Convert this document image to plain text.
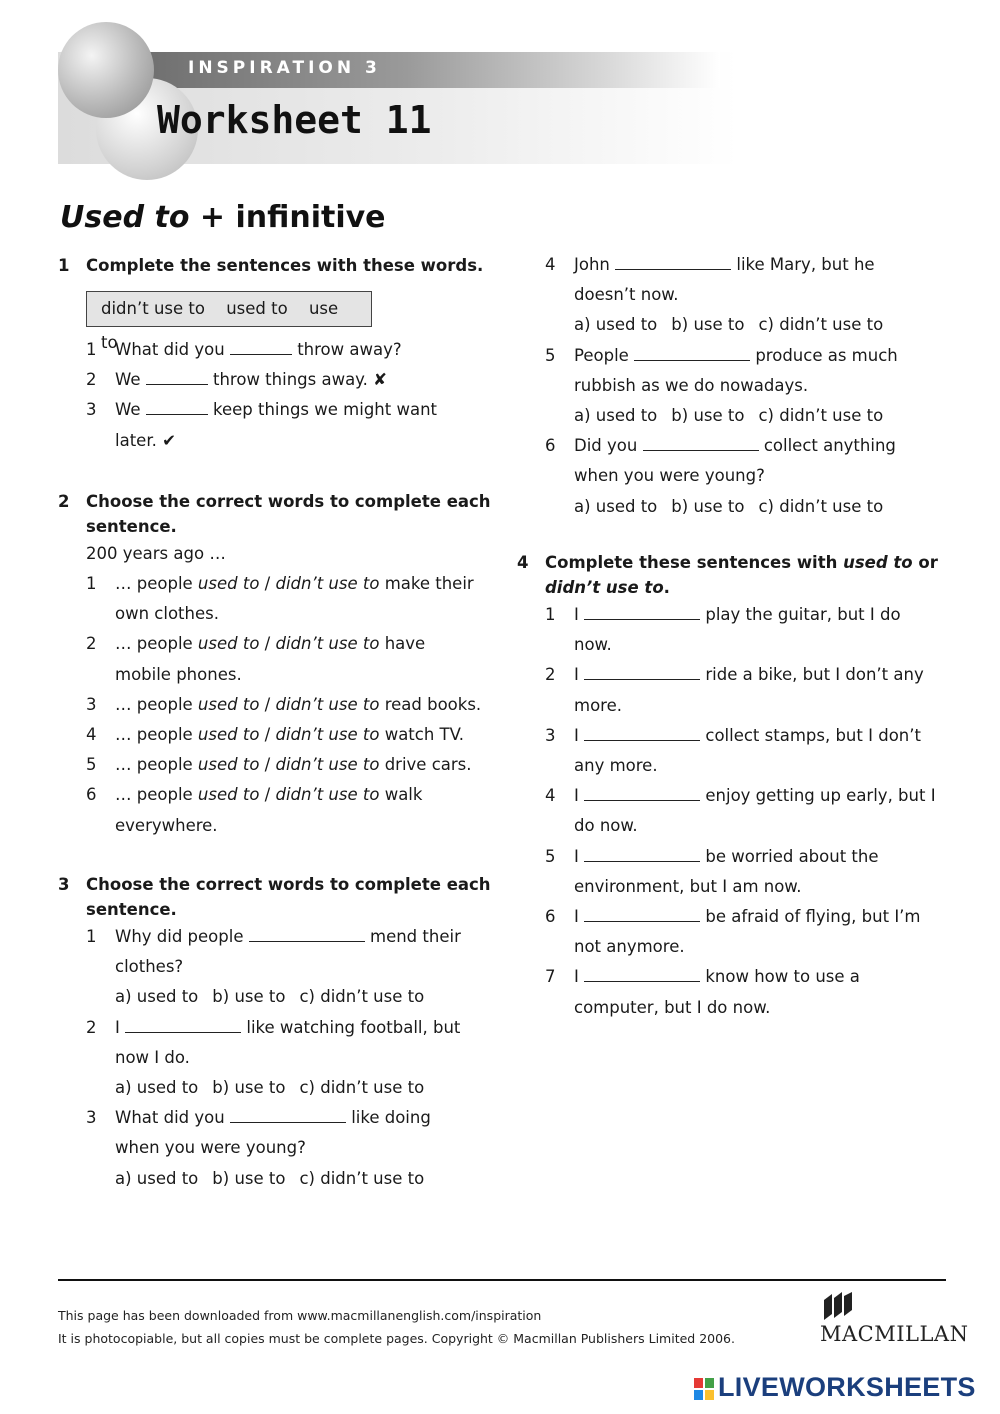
INSPIRATION 3
Worksheet 11
Used to + infinitive
1 Complete the sentences with these words.
didn’t use to used to use to
1 What did you	throw away?
2 We	throw things away. ✘
3 We	keep things we might want
later. ✔
2 Choose the correct words to complete each
sentence.
200 years ago …
1 … people used to / didn’t use to make their
own clothes.
2 … people used to / didn’t use to have
mobile phones.
3 … people used to / didn’t use to read books.
4 … people used to / didn’t use to watch TV.
5 … people used to / didn’t use to drive cars.
6 … people used to / didn’t use to walk
everywhere.
3 Choose the correct words to complete each
sentence.
1 Why did people	mend their
clothes?
a) used to b) use to c) didn’t use to
2 I	like watching football, but
now I do.
a) used to b) use to c) didn’t use to
3 What did you	like doing
when you were young?
a) used to b) use to c) didn’t use to
4 John	like Mary, but he
doesn’t now.
a) used to b) use to c) didn’t use to
5 People	produce as much
rubbish as we do nowadays.
a) used to b) use to c) didn’t use to
6 Did you	collect anything
when you were young?
a) used to b) use to c) didn’t use to
4 Complete these sentences with used to or
didn’t use to.
1 I	play the guitar, but I do
now.
2 I	ride a bike, but I don’t any
more.
3 I	collect stamps, but I don’t
any more.
4 I	enjoy getting up early, but I
do now.
5 I	be worried about the
environment, but I am now.
6 I	be afraid of flying, but I’m
not anymore.
7 I	know how to use a
computer, but I do now.
This page has been downloaded from www.macmillanenglish.com/inspiration
It is photocopiable, but all copies must be complete pages. Copyright © Macmillan Publishers Limited 2006.	MACMILLAN
LIVEWORKSHEETS
